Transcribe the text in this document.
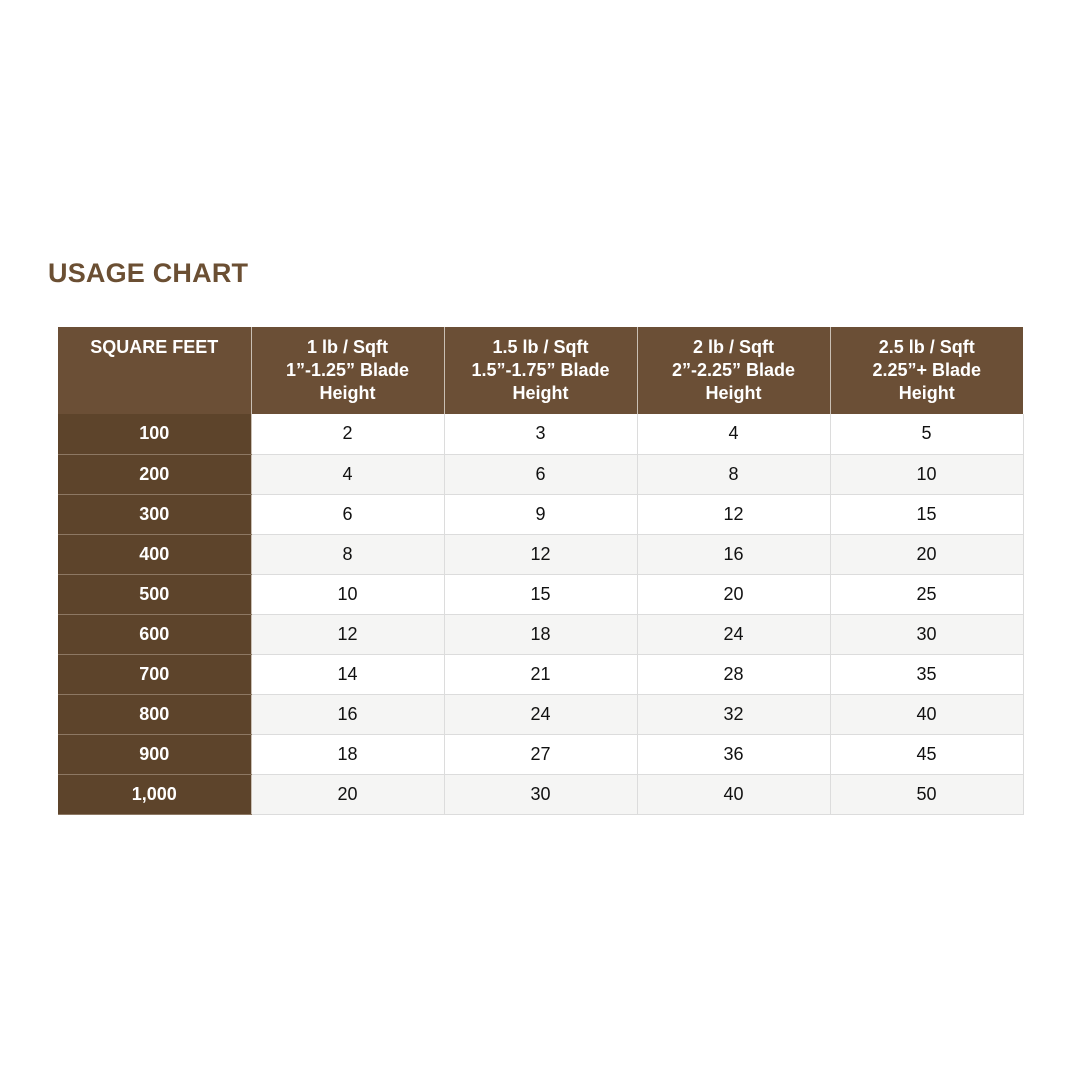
USAGE CHART
SQUARE FEET	1 lb / Sqft
1”-1.25” Blade
Height	1.5 lb / Sqft
1.5”-1.75” Blade
Height	2 lb / Sqft
2”-2.25” Blade
Height	2.5 lb / Sqft
2.25”+ Blade
Height
100	2	3	4	5
200	4	6	8	10
300	6	9	12	15
400	8	12	16	20
500	10	15	20	25
600	12	18	24	30
700	14	21	28	35
800	16	24	32	40
900	18	27	36	45
1,000	20	30	40	50
